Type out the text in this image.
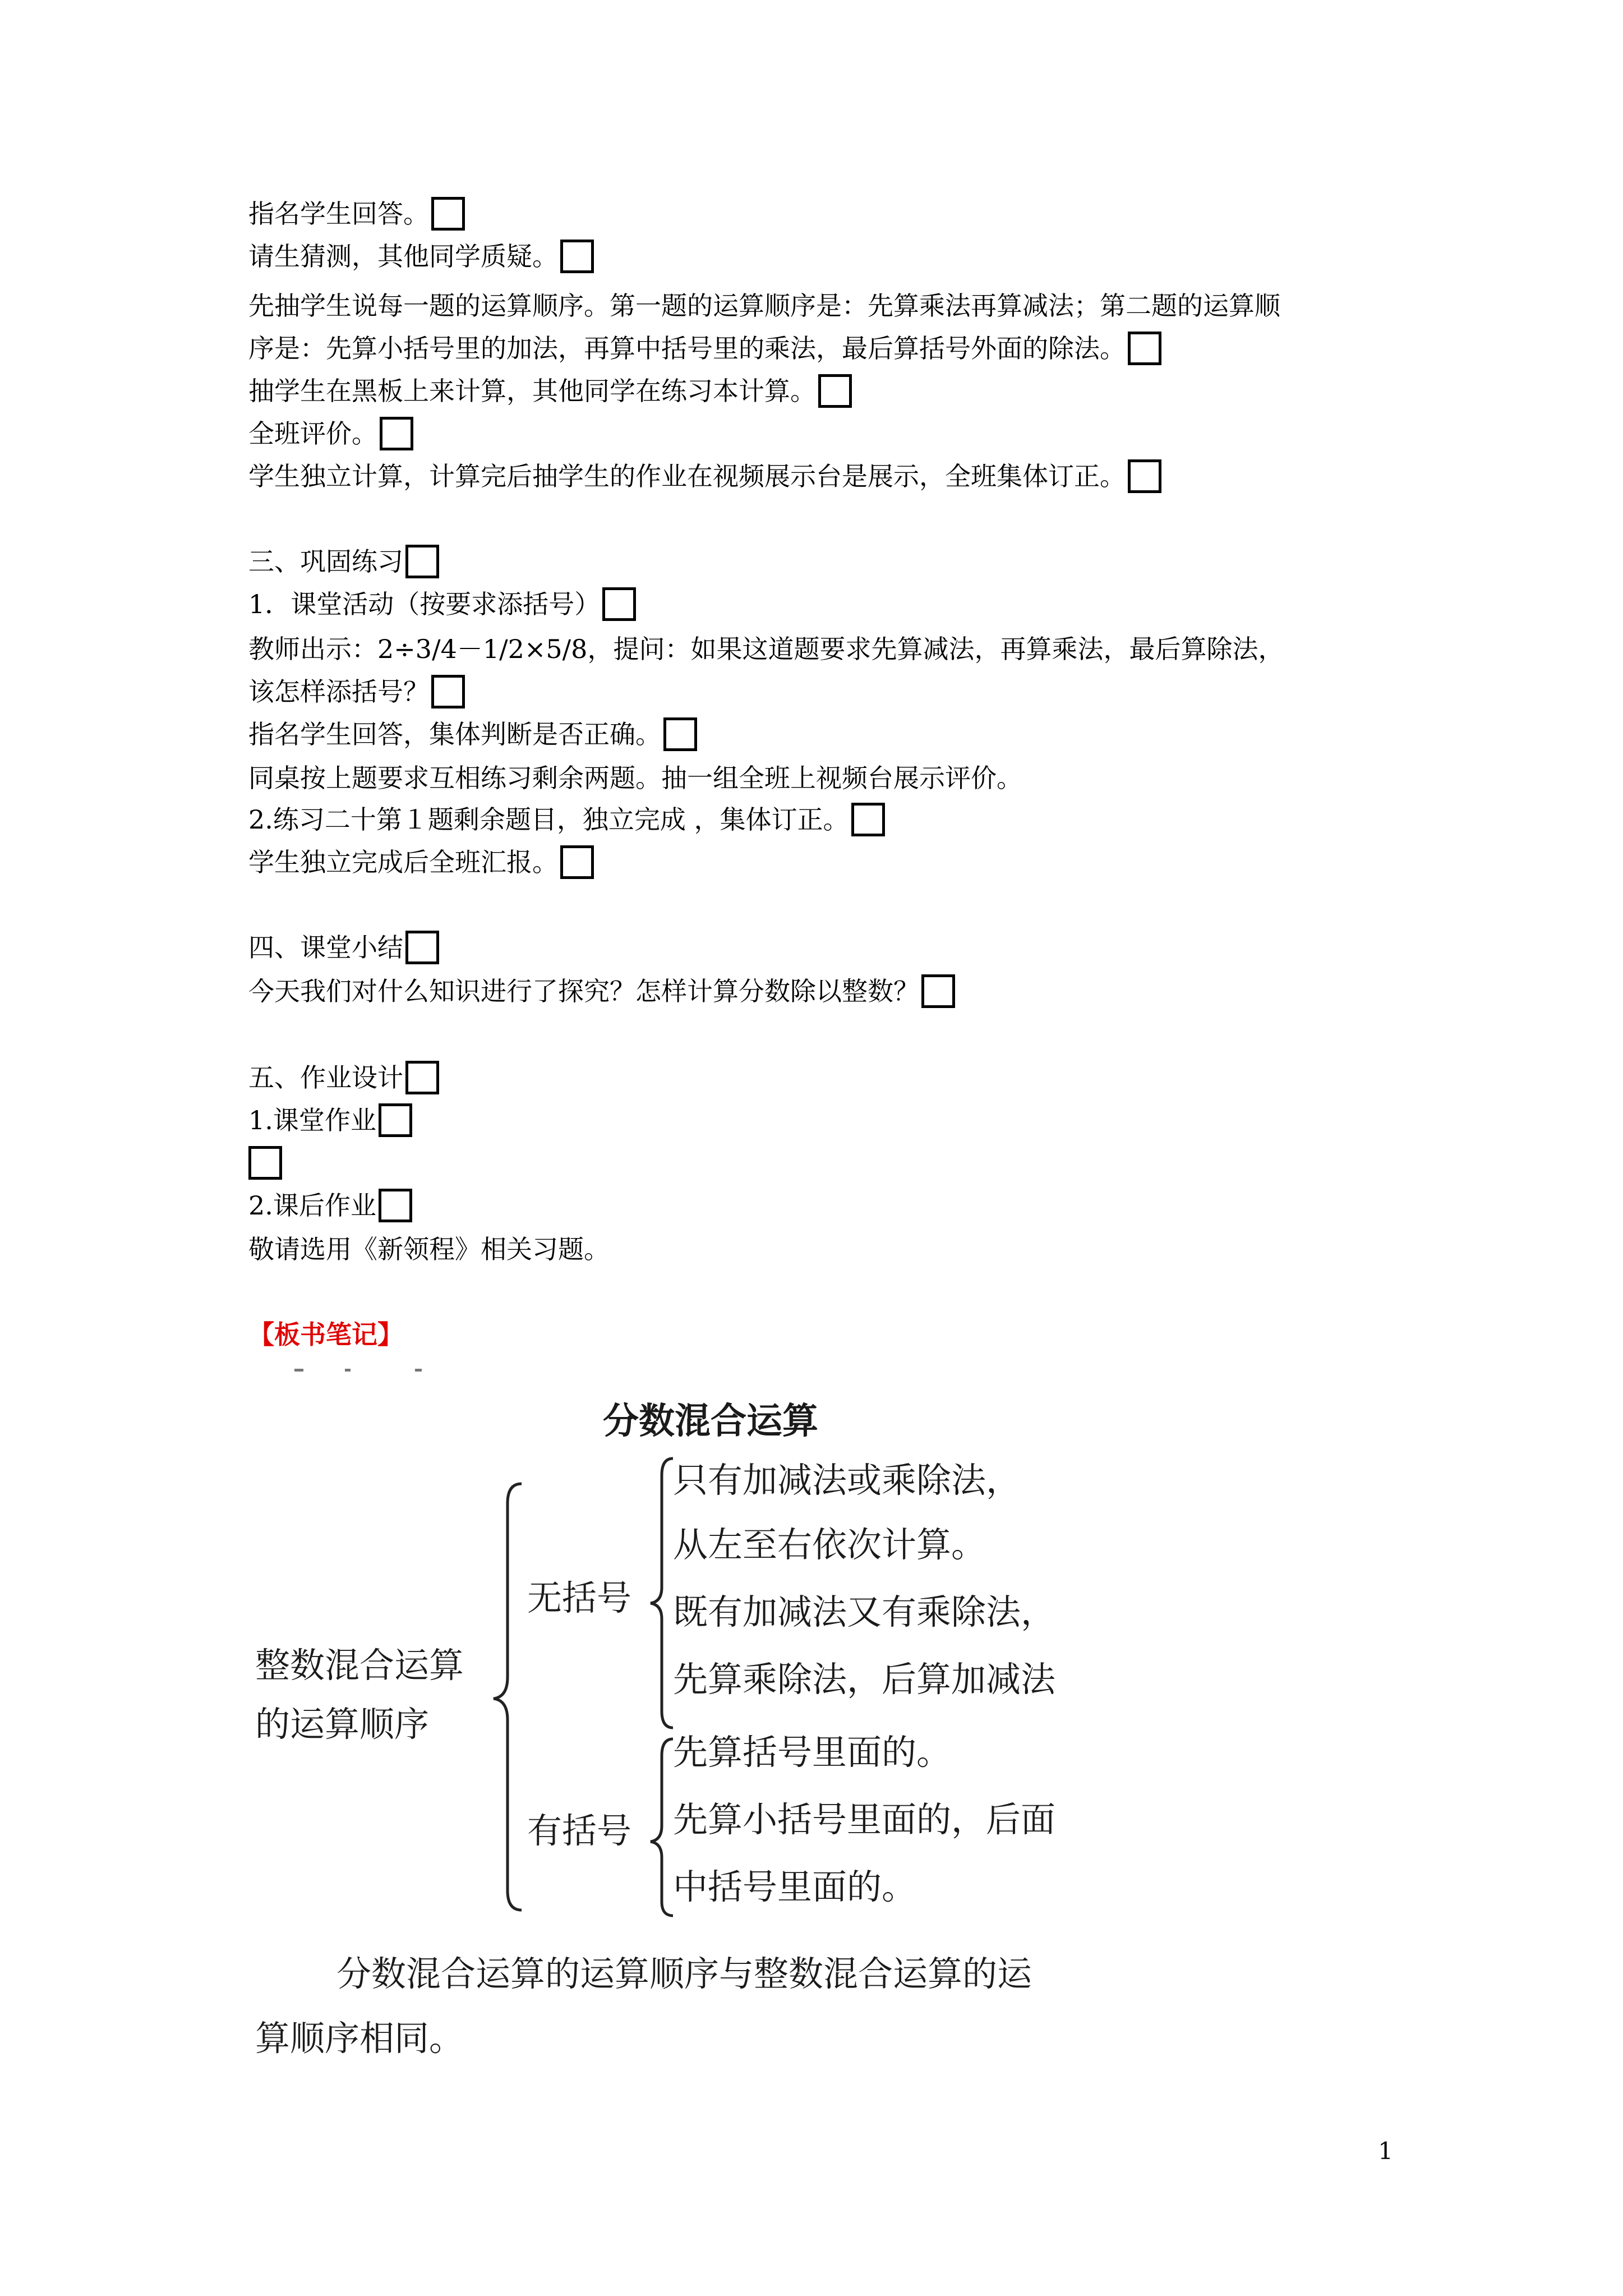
指名学生回答。
请生猜测，其他同学质疑。
先抽学生说每一题的运算顺序。第一题的运算顺序是：先算乘法再算减法；第二题的运算顺
序是：先算小括号里的加法，再算中括号里的乘法，最后算括号外面的除法。
抽学生在黑板上来计算，其他同学在练习本计算。
全班评价。
学生独立计算，计算完后抽学生的作业在视频展示台是展示，全班集体订正。
三、巩固练习
1．课堂活动（按要求添括号）
教师出示：2÷3/4－1/2×5/8，提问：如果这道题要求先算减法，再算乘法，最后算除法，
该怎样添括号？
指名学生回答，集体判断是否正确。
同桌按上题要求互相练习剩余两题。抽一组全班上视频台展示评价。
2.练习二十第１题剩余题目，独立完成 ，集体订正。
学生独立完成后全班汇报。
四、课堂小结
今天我们对什么知识进行了探究？怎样计算分数除以整数？
五、作业设计
1.课堂作业
2.课后作业
敬请选用《新领程》相关习题。
【板书笔记】
分数混合运算
整数混合运算
的运算顺序
无括号
有括号
只有加减法或乘除法，
从左至右依次计算。
既有加减法又有乘除法，
先算乘除法，后算加减法
先算括号里面的。
先算小括号里面的，后面
中括号里面的。
分数混合运算的运算顺序与整数混合运算的运
算顺序相同。
1
